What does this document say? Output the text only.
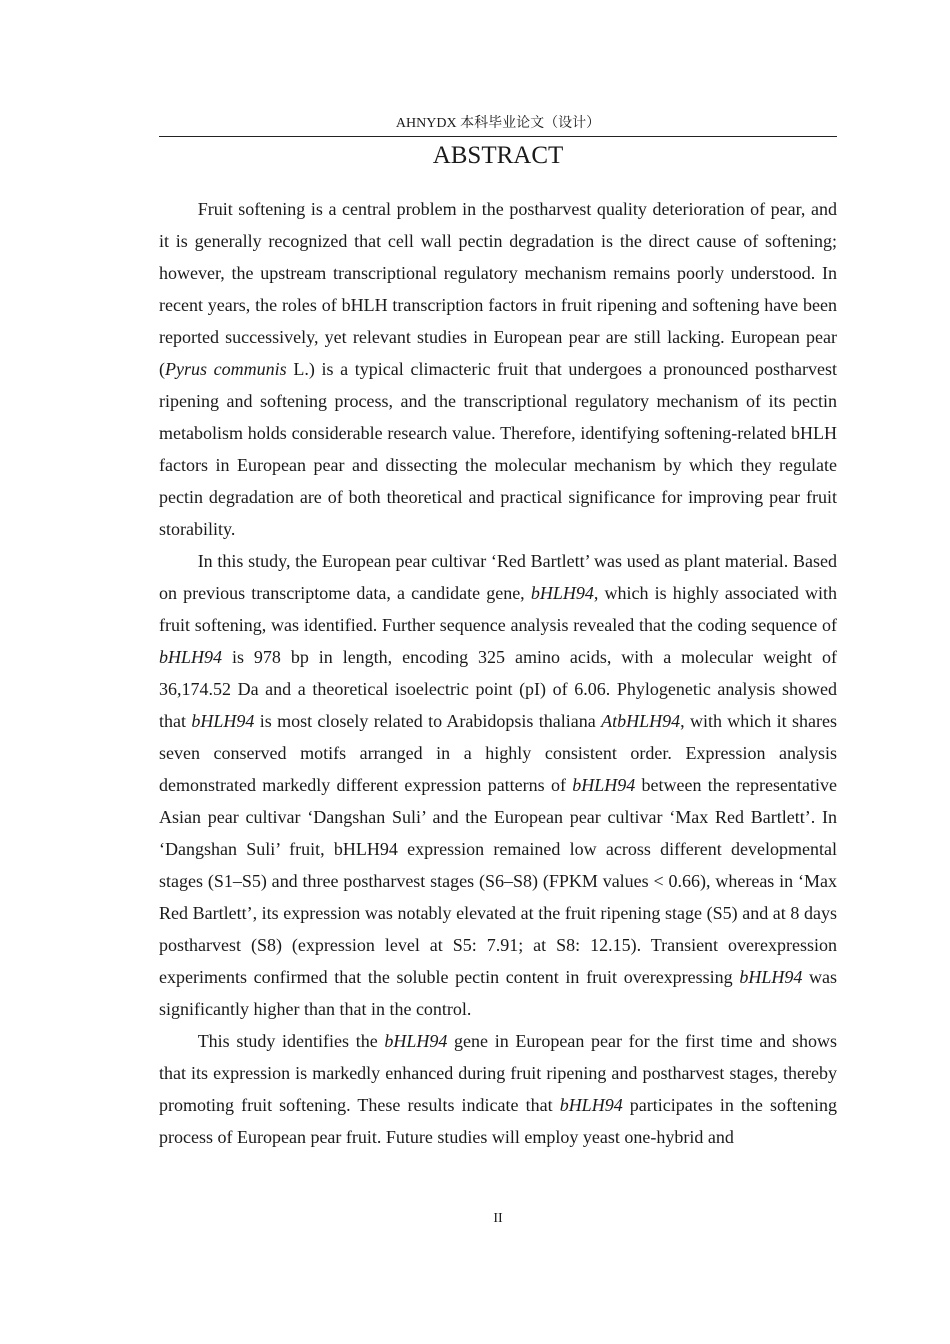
AHNYDX 本科毕业论文（设计）
ABSTRACT

Fruit softening is a central problem in the postharvest quality deterioration of pear, and it is generally recognized that cell wall pectin degradation is the direct cause of softening; however, the upstream transcriptional regulatory mechanism remains poorly understood. In recent years, the roles of bHLH transcription factors in fruit ripening and softening have been reported successively, yet relevant studies in European pear are still lacking. European pear (Pyrus communis L.) is a typical climacteric fruit that undergoes a pronounced postharvest ripening and softening process, and the transcriptional regulatory mechanism of its pectin metabolism holds considerable research value. Therefore, identifying softening-related bHLH factors in European pear and dissecting the molecular mechanism by which they regulate pectin degradation are of both theoretical and practical significance for improving pear fruit storability.

In this study, the European pear cultivar ‘Red Bartlett’ was used as plant material. Based on previous transcriptome data, a candidate gene, bHLH94, which is highly associated with fruit softening, was identified. Further sequence analysis revealed that the coding sequence of bHLH94 is 978 bp in length, encoding 325 amino acids, with a molecular weight of 36,174.52 Da and a theoretical isoelectric point (pI) of 6.06. Phylogenetic analysis showed that bHLH94 is most closely related to Arabidopsis thaliana AtbHLH94, with which it shares seven conserved motifs arranged in a highly consistent order. Expression analysis demonstrated markedly different expression patterns of bHLH94 between the representative Asian pear cultivar ‘Dangshan Suli’ and the European pear cultivar ‘Max Red Bartlett’. In ‘Dangshan Suli’ fruit, bHLH94 expression remained low across different developmental stages (S1–S5) and three postharvest stages (S6–S8) (FPKM values < 0.66), whereas in ‘Max Red Bartlett’, its expression was notably elevated at the fruit ripening stage (S5) and at 8 days postharvest (S8) (expression level at S5: 7.91; at S8: 12.15). Transient overexpression experiments confirmed that the soluble pectin content in fruit overexpressing bHLH94 was significantly higher than that in the control.

This study identifies the bHLH94 gene in European pear for the first time and shows that its expression is markedly enhanced during fruit ripening and postharvest stages, thereby promoting fruit softening. These results indicate that bHLH94 participates in the softening process of European pear fruit. Future studies will employ yeast one-hybrid and

II
